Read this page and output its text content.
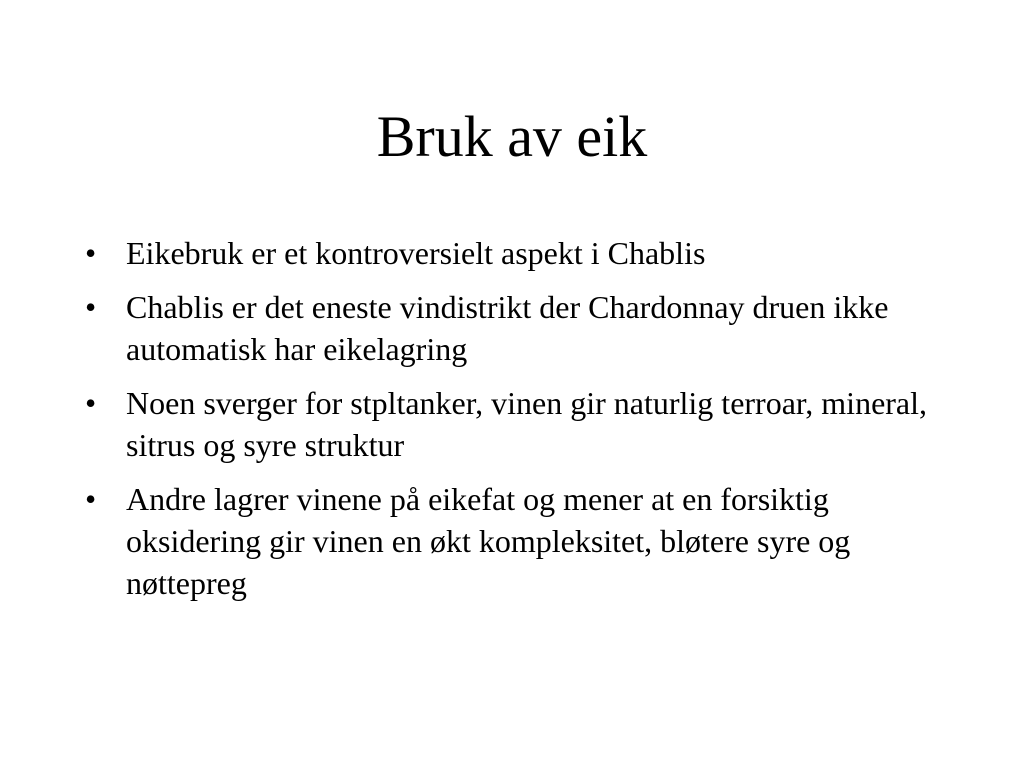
Bruk av eik
• Eikebruk er et kontroversielt aspekt i Chablis
• Chablis er det eneste vindistrikt der Chardonnay druen ikke automatisk har eikelagring
• Noen sverger for stpltanker, vinen gir naturlig terroar, mineral, sitrus og syre struktur
• Andre lagrer vinene på eikefat og mener at en forsiktig oksidering gir vinen en økt kompleksitet, bløtere syre og nøttepreg
